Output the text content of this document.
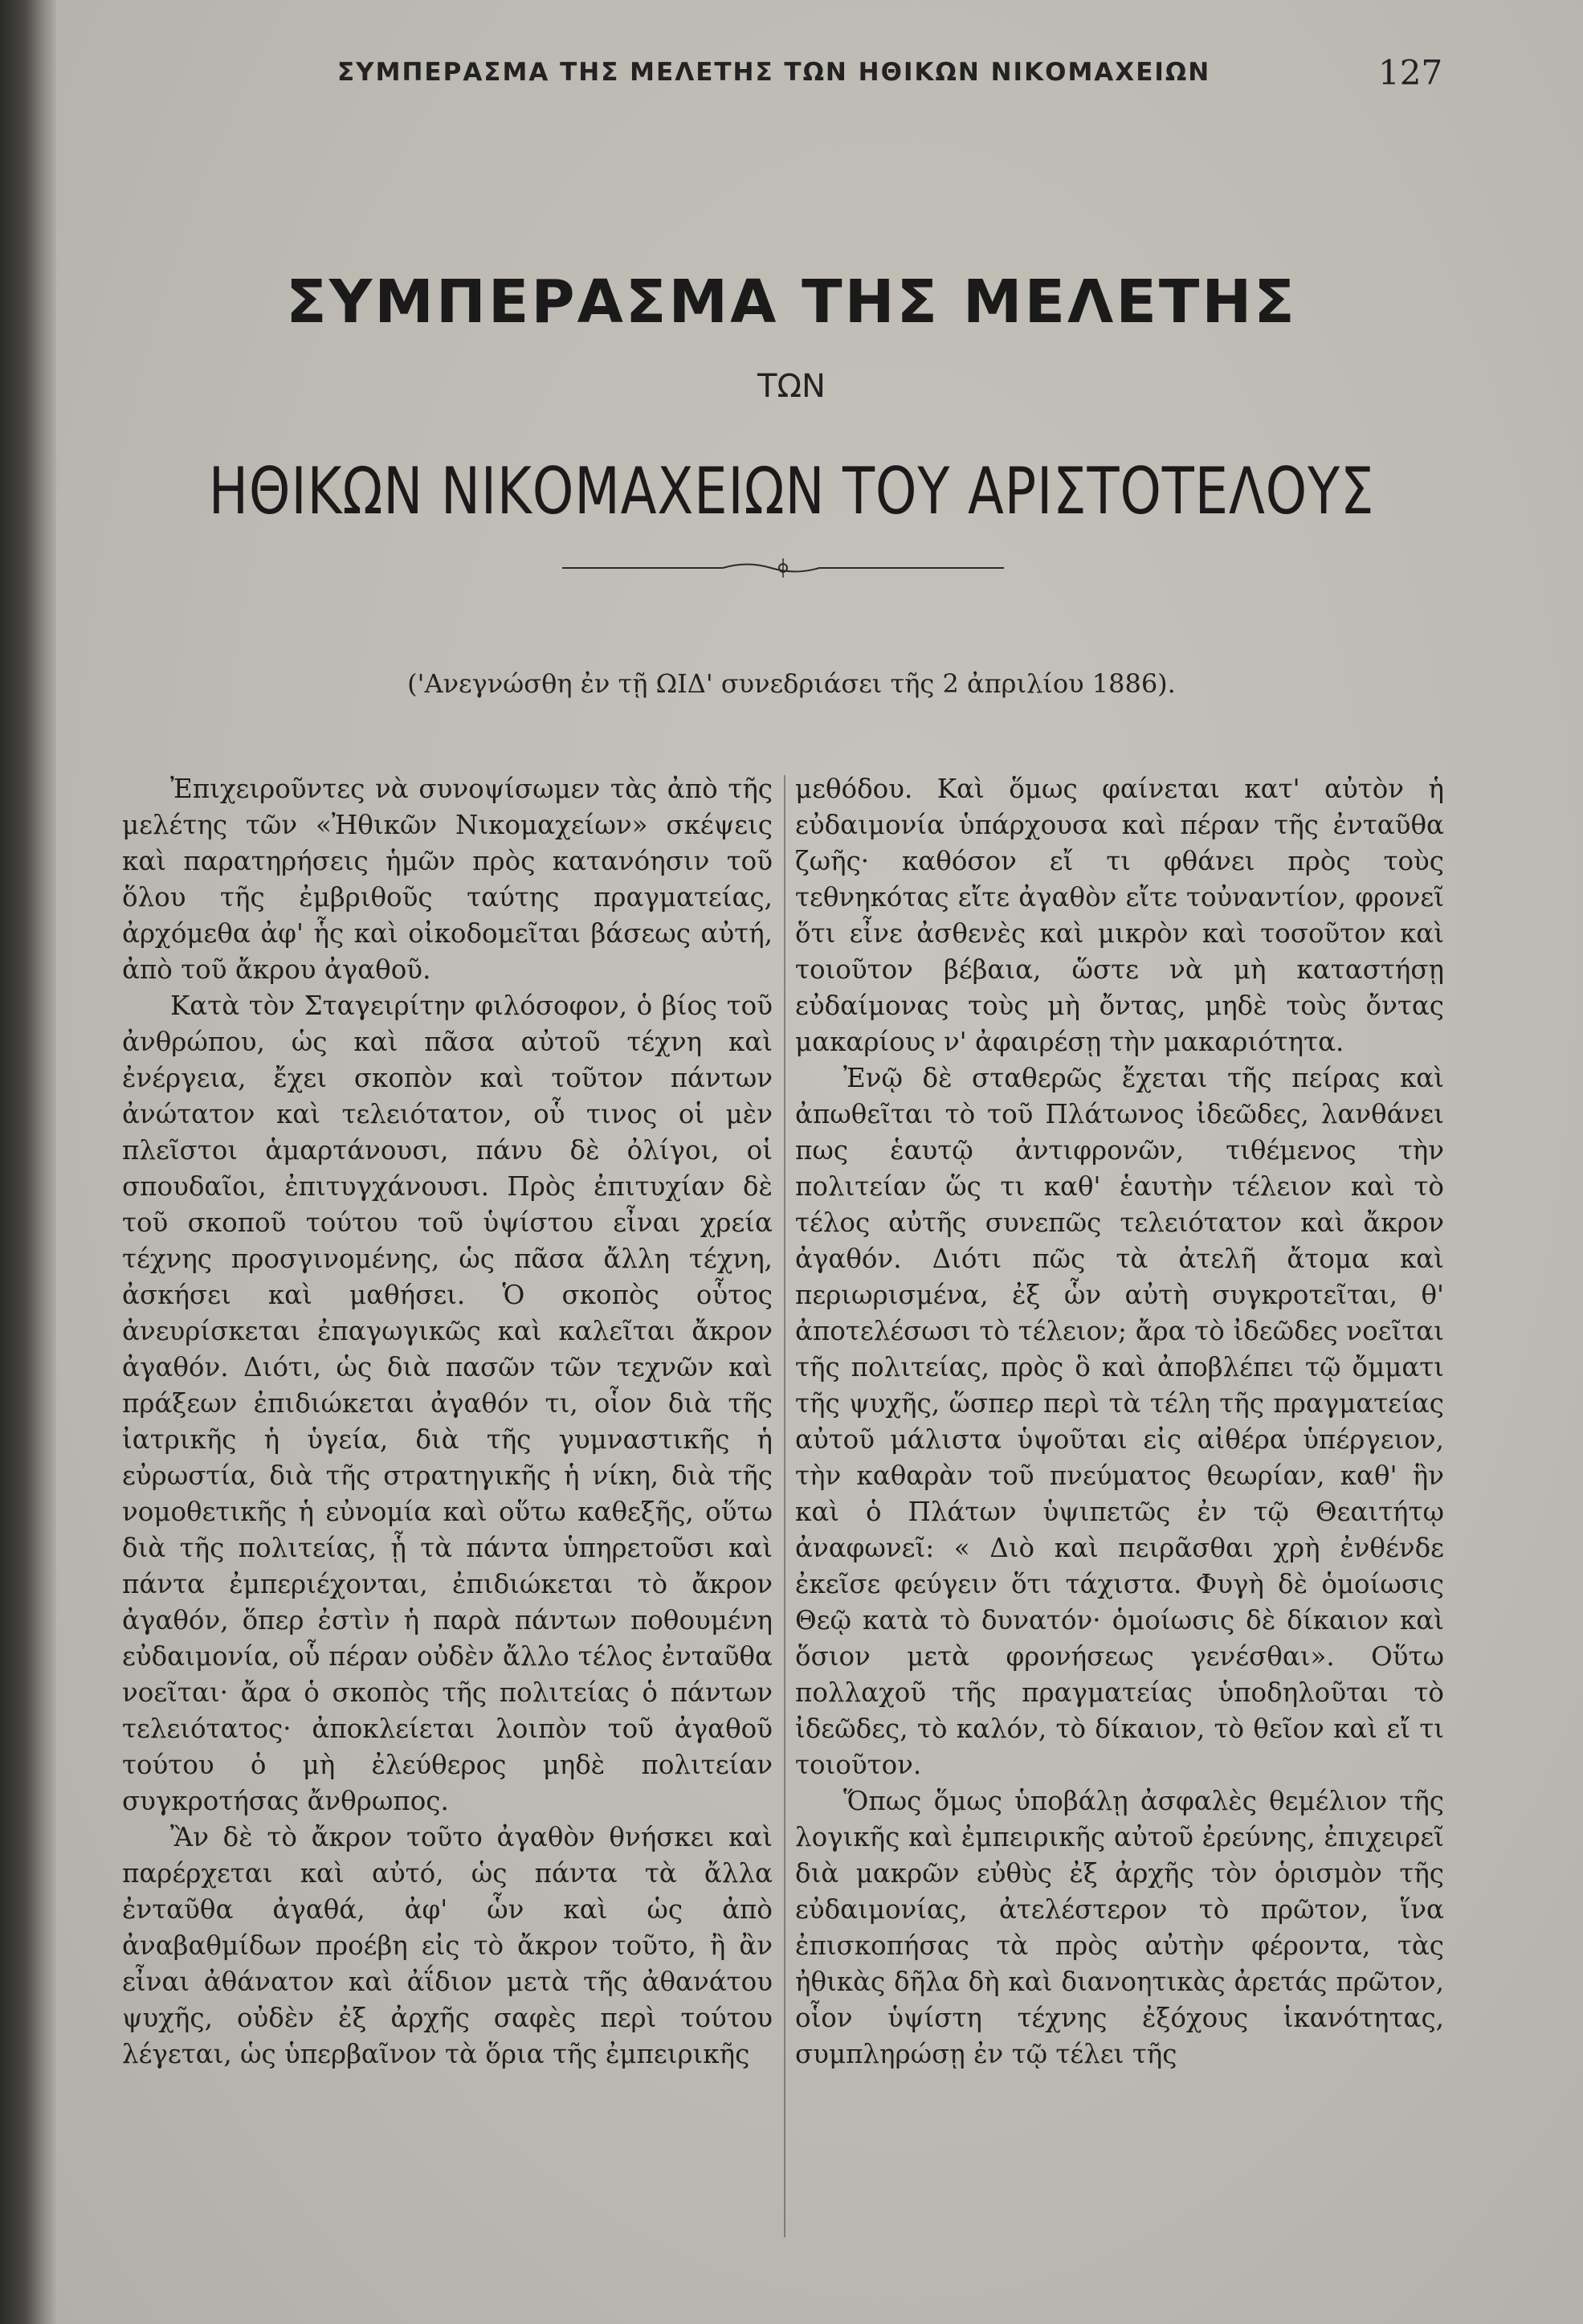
ΣΥΜΠΕΡΑΣΜΑ ΤΗΣ ΜΕΛΕΤΗΣ ΤΩΝ ΗΘΙΚΩΝ ΝΙΚΟΜΑΧΕΙΩΝ	127
ΣΥΜΠΕΡΑΣΜΑ ΤΗΣ ΜΕΛΕΤΗΣ
ΤΩΝ
ΗΘΙΚΩΝ ΝΙΚΟΜΑΧΕΙΩΝ ΤΟΥ ΑΡΙΣΤΟΤΕΛΟΥΣ
('Ανεγνώσθη ἐν τῇ ΩΙΔ' συνεδριάσει τῆς 2 ἀπριλίου 1886).

Ἐπιχειροῦντες νὰ συνοψίσωμεν τὰς ἀπὸ τῆς μελέτης τῶν «Ἠθικῶν Νικομαχείων» σκέψεις καὶ παρατηρήσεις ἡμῶν πρὸς κατανόησιν τοῦ ὅλου τῆς ἐμβριθοῦς ταύτης πραγματείας, ἀρχόμεθα ἀφ' ἧς καὶ οἰκοδομεῖται βάσεως αὐτή, ἀπὸ τοῦ ἄκρου ἀγαθοῦ.

Κατὰ τὸν Σταγειρίτην φιλόσοφον, ὁ βίος τοῦ ἀνθρώπου, ὡς καὶ πᾶσα αὐτοῦ τέχνη καὶ ἐνέργεια, ἔχει σκοπὸν καὶ τοῦτον πάντων ἀνώτατον καὶ τελειότατον, οὗ τινος οἱ μὲν πλεῖστοι ἁμαρτάνουσι, πάνυ δὲ ὀλίγοι, οἱ σπουδαῖοι, ἐπιτυγχάνουσι. Πρὸς ἐπιτυχίαν δὲ τοῦ σκοποῦ τούτου τοῦ ὑψίστου εἶναι χρεία τέχνης προσγινομένης, ὡς πᾶσα ἄλλη τέχνη, ἀσκήσει καὶ μαθήσει. Ὁ σκοπὸς οὗτος ἀνευρίσκεται ἐπαγωγικῶς καὶ καλεῖται ἄκρον ἀγαθόν. Διότι, ὡς διὰ πασῶν τῶν τεχνῶν καὶ πράξεων ἐπιδιώκεται ἀγαθόν τι, οἷον διὰ τῆς ἰατρικῆς ἡ ὑγεία, διὰ τῆς γυμναστικῆς ἡ εὐρωστία, διὰ τῆς στρατηγικῆς ἡ νίκη, διὰ τῆς νομοθετικῆς ἡ εὐνομία καὶ οὕτω καθεξῆς, οὕτω διὰ τῆς πολιτείας, ᾗ τὰ πάντα ὑπηρετοῦσι καὶ πάντα ἐμπεριέχονται, ἐπιδιώκεται τὸ ἄκρον ἀγαθόν, ὅπερ ἐστὶν ἡ παρὰ πάντων ποθουμένη εὐδαιμονία, οὗ πέραν οὐδὲν ἄλλο τέλος ἐνταῦθα νοεῖται· ἄρα ὁ σκοπὸς τῆς πολιτείας ὁ πάντων τελειότατος· ἀποκλείεται λοιπὸν τοῦ ἀγαθοῦ τούτου ὁ μὴ ἐλεύθερος μηδὲ πολιτείαν συγκροτήσας ἄνθρωπος.

Ἂν δὲ τὸ ἄκρον τοῦτο ἀγαθὸν θνήσκει καὶ παρέρχεται καὶ αὐτό, ὡς πάντα τὰ ἄλλα ἐνταῦθα ἀγαθά, ἀφ' ὧν καὶ ὡς ἀπὸ ἀναβαθμίδων προέβη εἰς τὸ ἄκρον τοῦτο, ἢ ἂν εἶναι ἀθάνατον καὶ ἀΐδιον μετὰ τῆς ἀθανάτου ψυχῆς, οὐδὲν ἐξ ἀρχῆς σαφὲς περὶ τούτου λέγεται, ὡς ὑπερβαῖνον τὰ ὅρια τῆς ἐμπειρικῆς

μεθόδου. Καὶ ὅμως φαίνεται κατ' αὐτὸν ἡ εὐδαιμονία ὑπάρχουσα καὶ πέραν τῆς ἐνταῦθα ζωῆς· καθόσον εἴ τι φθάνει πρὸς τοὺς τεθνηκότας εἴτε ἀγαθὸν εἴτε τοὐναντίον, φρονεῖ ὅτι εἶνε ἀσθενὲς καὶ μικρὸν καὶ τοσοῦτον καὶ τοιοῦτον βέβαια, ὥστε νὰ μὴ καταστήσῃ εὐδαίμονας τοὺς μὴ ὄντας, μηδὲ τοὺς ὄντας μακαρίους ν' ἀφαιρέσῃ τὴν μακαριότητα.

Ἐνῷ δὲ σταθερῶς ἔχεται τῆς πείρας καὶ ἀπωθεῖται τὸ τοῦ Πλάτωνος ἰδεῶδες, λανθάνει πως ἑαυτῷ ἀντιφρονῶν, τιθέμενος τὴν πολιτείαν ὥς τι καθ' ἑαυτὴν τέλειον καὶ τὸ τέλος αὐτῆς συνεπῶς τελειότατον καὶ ἄκρον ἀγαθόν. Διότι πῶς τὰ ἀτελῆ ἄτομα καὶ περιωρισμένα, ἐξ ὧν αὐτὴ συγκροτεῖται, θ' ἀποτελέσωσι τὸ τέλειον; ἄρα τὸ ἰδεῶδες νοεῖται τῆς πολιτείας, πρὸς ὃ καὶ ἀποβλέπει τῷ ὄμματι τῆς ψυχῆς, ὥσπερ περὶ τὰ τέλη τῆς πραγματείας αὐτοῦ μάλιστα ὑψοῦται εἰς αἰθέρα ὑπέργειον, τὴν καθαρὰν τοῦ πνεύματος θεωρίαν, καθ' ἣν καὶ ὁ Πλάτων ὑψιπετῶς ἐν τῷ Θεαιτήτῳ ἀναφωνεῖ: « Διὸ καὶ πειρᾶσθαι χρὴ ἐνθένδε ἐκεῖσε φεύγειν ὅτι τάχιστα. Φυγὴ δὲ ὁμοίωσις Θεῷ κατὰ τὸ δυνατόν· ὁμοίωσις δὲ δίκαιον καὶ ὅσιον μετὰ φρονήσεως γενέσθαι». Οὕτω πολλαχοῦ τῆς πραγματείας ὑποδηλοῦται τὸ ἰδεῶδες, τὸ καλόν, τὸ δίκαιον, τὸ θεῖον καὶ εἴ τι τοιοῦτον.

Ὅπως ὅμως ὑποβάλῃ ἀσφαλὲς θεμέλιον τῆς λογικῆς καὶ ἐμπειρικῆς αὐτοῦ ἐρεύνης, ἐπιχειρεῖ διὰ μακρῶν εὐθὺς ἐξ ἀρχῆς τὸν ὁρισμὸν τῆς εὐδαιμονίας, ἀτελέστερον τὸ πρῶτον, ἵνα ἐπισκοπήσας τὰ πρὸς αὐτὴν φέροντα, τὰς ἠθικὰς δῆλα δὴ καὶ διανοητικὰς ἀρετάς πρῶτον, οἷον ὑψίστη τέχνης ἐξόχους ἱκανότητας, συμπληρώσῃ ἐν τῷ τέλει τῆς
